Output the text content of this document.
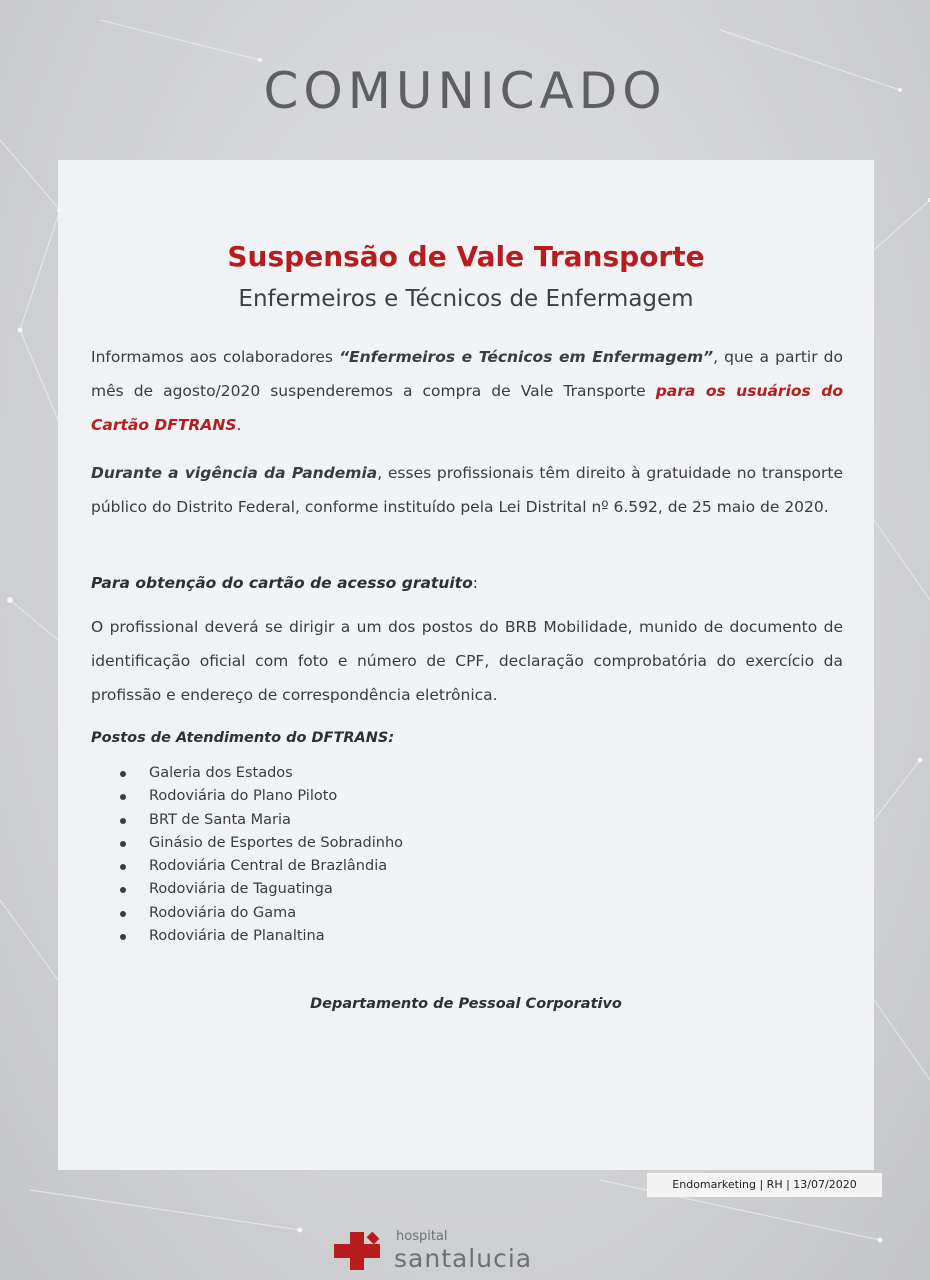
COMUNICADO
Suspensão de Vale Transporte
Enfermeiros e Técnicos de Enfermagem

Informamos aos colaboradores “Enfermeiros e Técnicos em Enfermagem”, que a partir do mês de agosto/2020 suspenderemos a compra de Vale Transporte para os usuários do Cartão DFTRANS.

Durante a vigência da Pandemia, esses profissionais têm direito à gratuidade no transporte público do Distrito Federal, conforme instituído pela Lei Distrital nº 6.592, de 25 maio de 2020.

Para obtenção do cartão de acesso gratuito:

O profissional deverá se dirigir a um dos postos do BRB Mobilidade, munido de documento de identificação oficial com foto e número de CPF, declaração comprobatória do exercício da profissão e endereço de correspondência eletrônica.

Postos de Atendimento do DFTRANS:
Galeria dos Estados
Rodoviária do Plano Piloto
BRT de Santa Maria
Ginásio de Esportes de Sobradinho
Rodoviária Central de Brazlândia
Rodoviária de Taguatinga
Rodoviária do Gama
Rodoviária de Planaltina
Departamento de Pessoal Corporativo
Endomarketing | RH | 13/07/2020
hospital
santalucia
